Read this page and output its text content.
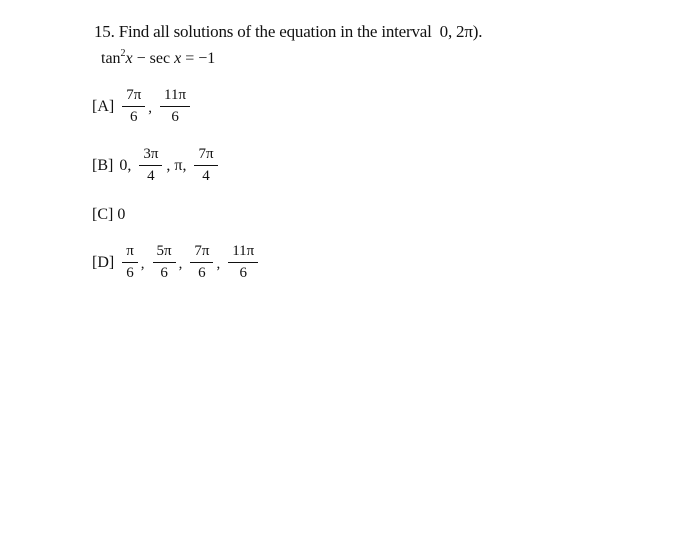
15. Find all solutions of the equation in the interval 0, 2π).
$\tan^2x - \sec x = -1$
$[A] \frac{7\pi}{6}$ , $\frac{11\pi}{6}$
[B] 0, $\frac{3\pi}{4}$ , π, $\frac{7\pi}{4}$
[C] 0
$[D] \frac{\pi}{6}$ , $\frac{5\pi}{6}$ , $\frac{7\pi}{6}$ , $\frac{11\pi}{6}$
